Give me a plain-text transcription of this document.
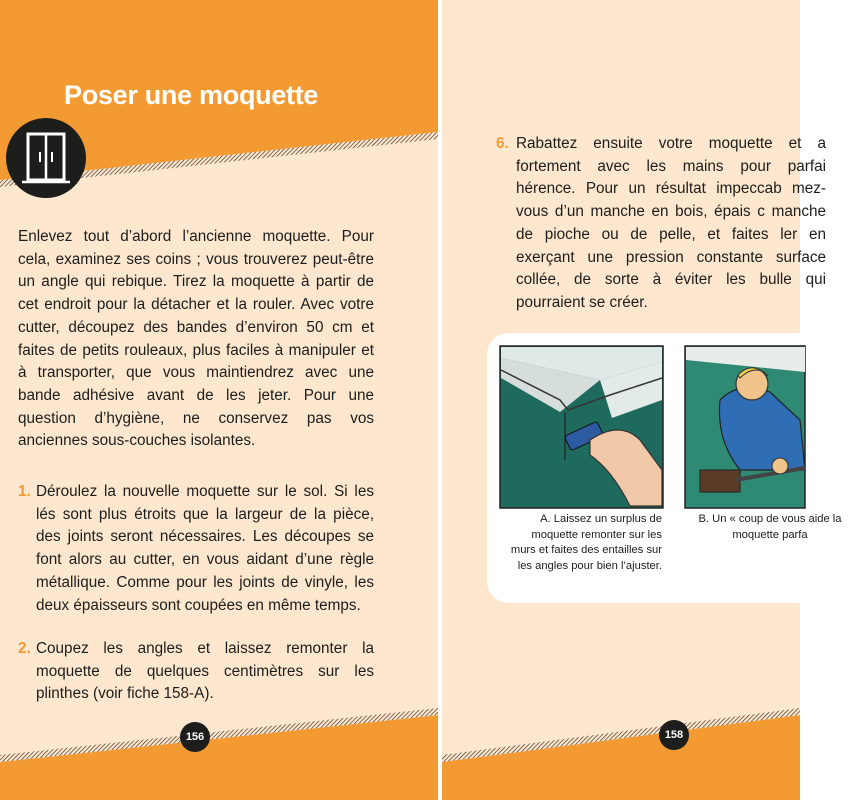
Poser une moquette

Enlevez tout d’abord l’ancienne moquette. Pour cela, examinez ses coins ; vous trouverez peut-être un angle qui rebique. Tirez la moquette à partir de cet endroit pour la détacher et la rouler. Avec votre cutter, découpez des bandes d’environ 50 cm et faites de petits rouleaux, plus faciles à manipuler et à transporter, que vous maintiendrez avec une bande adhésive avant de les jeter. Pour une question d’hygiène, ne conservez pas vos anciennes sous-couches isolantes.

1. Déroulez la nouvelle moquette sur le sol. Si les lés sont plus étroits que la largeur de la pièce, des joints seront nécessaires. Les découpes se font alors au cutter, en vous aidant d’une règle métallique. Comme pour les joints de vinyle, les deux épaisseurs sont coupées en même temps.

2. Coupez les angles et laissez remonter la moquette de quelques centimètres sur les plinthes (voir fiche 158-A).

6. Rabattez ensuite votre moquette et a fortement avec les mains pour parfai hérence. Pour un résultat impeccab mez-vous d’un manche en bois, épais c manche de pioche ou de pelle, et faites ler en exerçant une pression constante surface collée, de sorte à éviter les bulle qui pourraient se créer.

A. Laissez un surplus de moquette remonter sur les murs et faites des entailles sur les angles pour bien l’ajuster.

B. Un « coup de vous aide la moquette parfa

156	158
